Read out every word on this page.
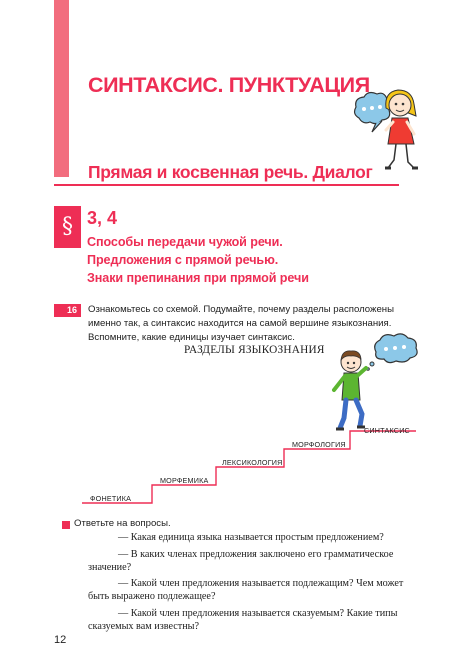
СИНТАКСИС. ПУНКТУАЦИЯ
Прямая и косвенная речь. Диалог
§ 3, 4
Способы передачи чужой речи.
Предложения с прямой речью.
Знаки препинания при прямой речи
16	Ознакомьтесь со схемой. Подумайте, почему разделы расположены именно так, а синтаксис находится на самой вершине языкознания. Вспомните, какие единицы изучает синтаксис.

РАЗДЕЛЫ ЯЗЫКОЗНАНИЯ
ФОНЕТИКА
МОРФЕМИКА
ЛЕКСИКОЛОГИЯ
МОРФОЛОГИЯ
СИНТАКСИС

Ответьте на вопросы.

— Какая единица языка называется простым предложением?
— В каких членах предложения заключено его грамматическое значение?
— Какой член предложения называется подлежащим? Чем может быть выражено подлежащее?
— Какой член предложения называется сказуемым? Какие типы сказуемых вам известны?
12
